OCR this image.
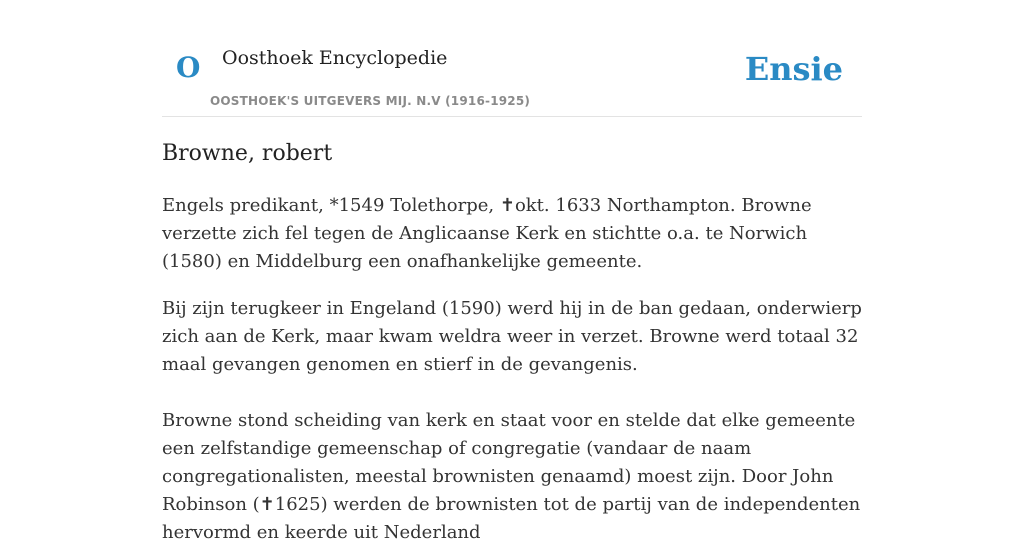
O Oosthoek Encyclopedie
OOSTHOEK'S UITGEVERS MIJ. N.V (1916-1925)
Ensie
Browne, robert

Engels predikant, *1549 Tolethorpe, ✝okt. 1633 Northampton. Browne verzette zich fel tegen de Anglicaanse Kerk en stichtte o.a. te Norwich (1580) en Middelburg een onafhankelijke gemeente.

Bij zijn terugkeer in Engeland (1590) werd hij in de ban gedaan, onderwierp zich aan de Kerk, maar kwam weldra weer in verzet. Browne werd totaal 32 maal gevangen genomen en stierf in de gevangenis.

Browne stond scheiding van kerk en staat voor en stelde dat elke gemeente een zelfstandige gemeenschap of congregatie (vandaar de naam congregationalisten, meestal brownisten genaamd) moest zijn. Door John Robinson (✝1625) werden de brownisten tot de partij van de independenten hervormd en keerde uit Nederland
